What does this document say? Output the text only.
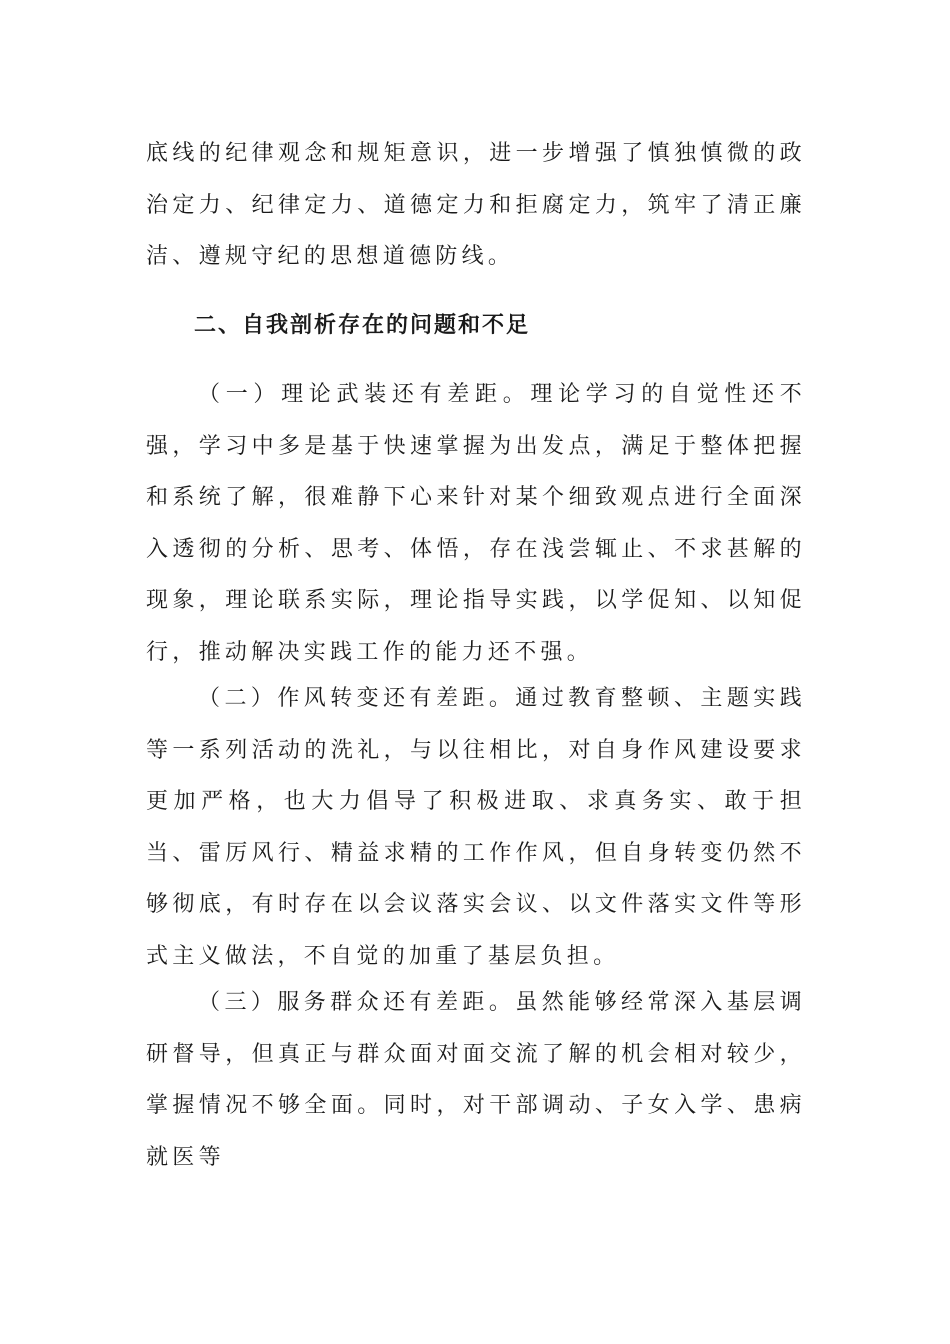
底线的纪律观念和规矩意识，进一步增强了慎独慎微的政治定力、纪律定力、道德定力和拒腐定力，筑牢了清正廉洁、遵规守纪的思想道德防线。

二、自我剖析存在的问题和不足

（一）理论武装还有差距。理论学习的自觉性还不强，学习中多是基于快速掌握为出发点，满足于整体把握和系统了解，很难静下心来针对某个细致观点进行全面深入透彻的分析、思考、体悟，存在浅尝辄止、不求甚解的现象，理论联系实际，理论指导实践，以学促知、以知促行，推动解决实践工作的能力还不强。

（二）作风转变还有差距。通过教育整顿、主题实践等一系列活动的洗礼，与以往相比，对自身作风建设要求更加严格，也大力倡导了积极进取、求真务实、敢于担当、雷厉风行、精益求精的工作作风，但自身转变仍然不够彻底，有时存在以会议落实会议、以文件落实文件等形式主义做法，不自觉的加重了基层负担。

（三）服务群众还有差距。虽然能够经常深入基层调研督导，但真正与群众面对面交流了解的机会相对较少，掌握情况不够全面。同时，对干部调动、子女入学、患病就医等
